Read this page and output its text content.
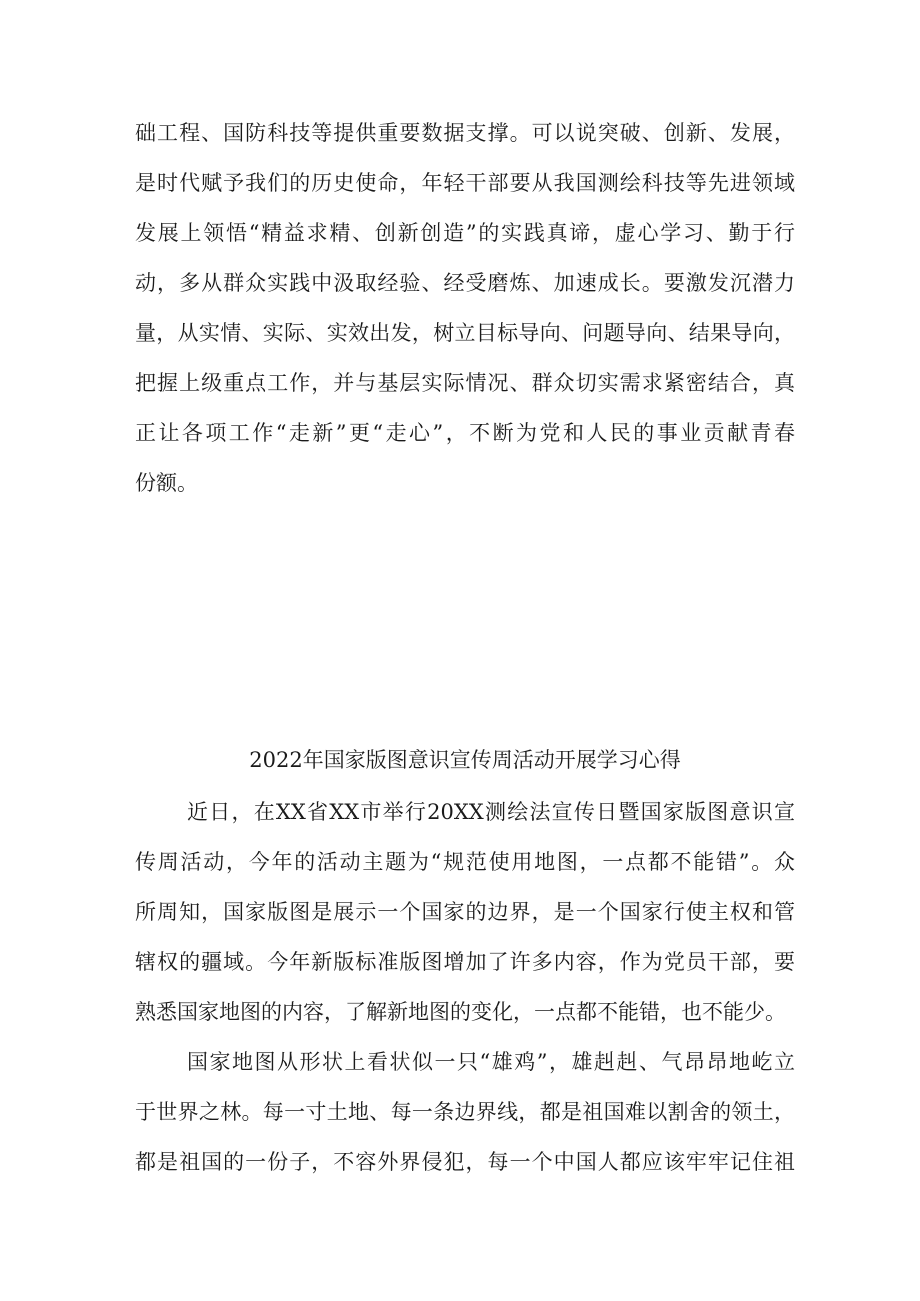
础工程、国防科技等提供重要数据支撑。可以说突破、创新、发展，
是时代赋予我们的历史使命，年轻干部要从我国测绘科技等先进领域
发展上领悟“精益求精、创新创造”的实践真谛，虚心学习、勤于行
动，多从群众实践中汲取经验、经受磨炼、加速成长。要激发沉潜力
量，从实情、实际、实效出发，树立目标导向、问题导向、结果导向，
把握上级重点工作，并与基层实际情况、群众切实需求紧密结合，真
正让各项工作“走新”更“走心”，不断为党和人民的事业贡献青春
份额。
2022年国家版图意识宣传周活动开展学习心得
近日，在XX省XX市举行20XX测绘法宣传日暨国家版图意识宣
传周活动，今年的活动主题为“规范使用地图，一点都不能错”。众
所周知，国家版图是展示一个国家的边界，是一个国家行使主权和管
辖权的疆域。今年新版标准版图增加了许多内容，作为党员干部，要
熟悉国家地图的内容，了解新地图的变化，一点都不能错，也不能少。
国家地图从形状上看状似一只“雄鸡”，雄赳赳、气昂昂地屹立
于世界之林。每一寸土地、每一条边界线，都是祖国难以割舍的领土，
都是祖国的一份子，不容外界侵犯，每一个中国人都应该牢牢记住祖
